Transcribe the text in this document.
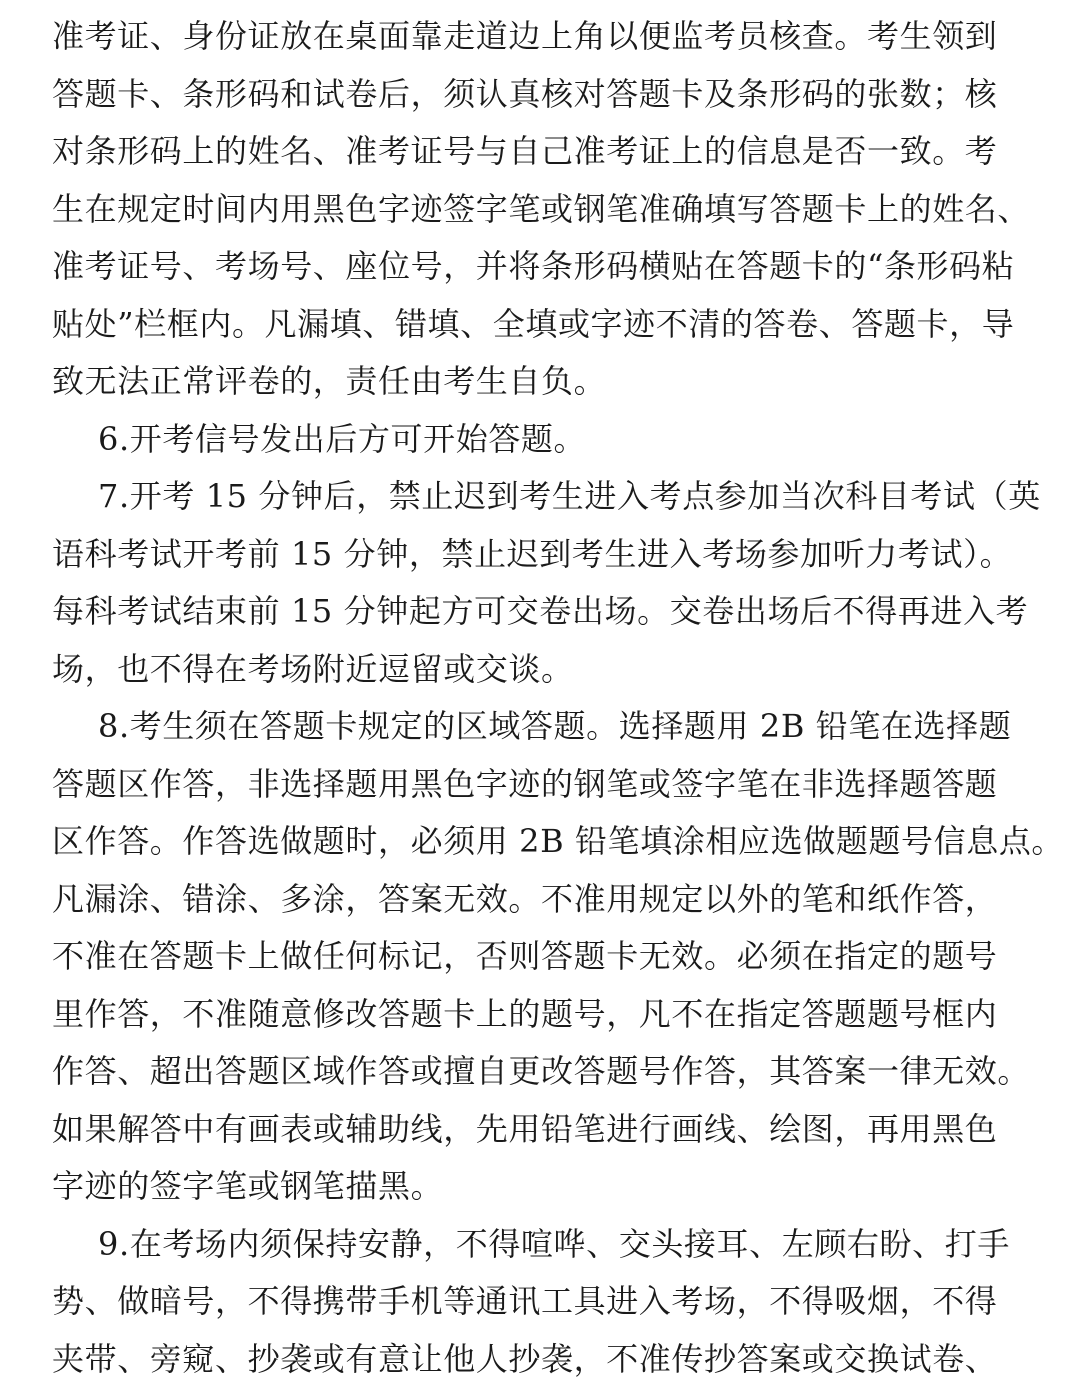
准考证、身份证放在桌面靠走道边上角以便监考员核查。考生领到
答题卡、条形码和试卷后，须认真核对答题卡及条形码的张数；核
对条形码上的姓名、准考证号与自己准考证上的信息是否一致。考
生在规定时间内用黑色字迹签字笔或钢笔准确填写答题卡上的姓名、
准考证号、考场号、座位号，并将条形码横贴在答题卡的“条形码粘
贴处”栏框内。凡漏填、错填、全填或字迹不清的答卷、答题卡，导
致无法正常评卷的，责任由考生自负。

6.开考信号发出后方可开始答题。

7.开考 15 分钟后，禁止迟到考生进入考点参加当次科目考试（英
语科考试开考前 15 分钟，禁止迟到考生进入考场参加听力考试）。
每科考试结束前 15 分钟起方可交卷出场。交卷出场后不得再进入考
场，也不得在考场附近逗留或交谈。

8.考生须在答题卡规定的区域答题。选择题用 2B 铅笔在选择题
答题区作答，非选择题用黑色字迹的钢笔或签字笔在非选择题答题
区作答。作答选做题时，必须用 2B 铅笔填涂相应选做题题号信息点。
凡漏涂、错涂、多涂，答案无效。不准用规定以外的笔和纸作答，
不准在答题卡上做任何标记，否则答题卡无效。必须在指定的题号
里作答，不准随意修改答题卡上的题号，凡不在指定答题题号框内
作答、超出答题区域作答或擅自更改答题号作答，其答案一律无效。
如果解答中有画表或辅助线，先用铅笔进行画线、绘图，再用黑色
字迹的签字笔或钢笔描黑。

9.在考场内须保持安静，不得喧哗、交头接耳、左顾右盼、打手
势、做暗号，不得携带手机等通讯工具进入考场，不得吸烟，不得
夹带、旁窥、抄袭或有意让他人抄袭，不准传抄答案或交换试卷、
